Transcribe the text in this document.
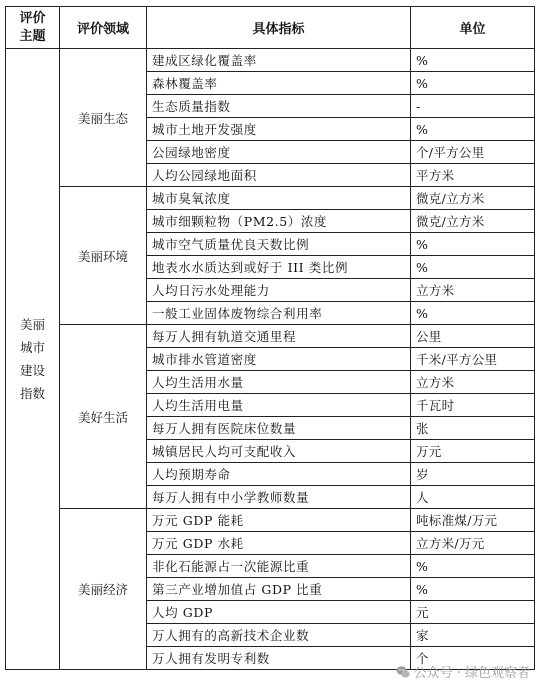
评价
主题	评价领域	具体指标	单位
美丽
城市
建设
指数	美丽生态	建成区绿化覆盖率	%
		森林覆盖率	%
		生态质量指数	-
		城市土地开发强度	%
		公园绿地密度	个/平方公里
		人均公园绿地面积	平方米
	美丽环境	城市臭氧浓度	微克/立方米
		城市细颗粒物（PM2.5）浓度	微克/立方米
		城市空气质量优良天数比例	%
		地表水水质达到或好于 III 类比例	%
		人均日污水处理能力	立方米
		一般工业固体废物综合利用率	%
	美好生活	每万人拥有轨道交通里程	公里
		城市排水管道密度	千米/平方公里
		人均生活用水量	立方米
		人均生活用电量	千瓦时
		每万人拥有医院床位数量	张
		城镇居民人均可支配收入	万元
		人均预期寿命	岁
		每万人拥有中小学教师数量	人
	美丽经济	万元 GDP 能耗	吨标准煤/万元
		万元 GDP 水耗	立方米/万元
		非化石能源占一次能源比重	%
		第三产业增加值占 GDP 比重	%
		人均 GDP	元
		万人拥有的高新技术企业数	家
		万人拥有发明专利数	个
公众号 · 绿色观察者
